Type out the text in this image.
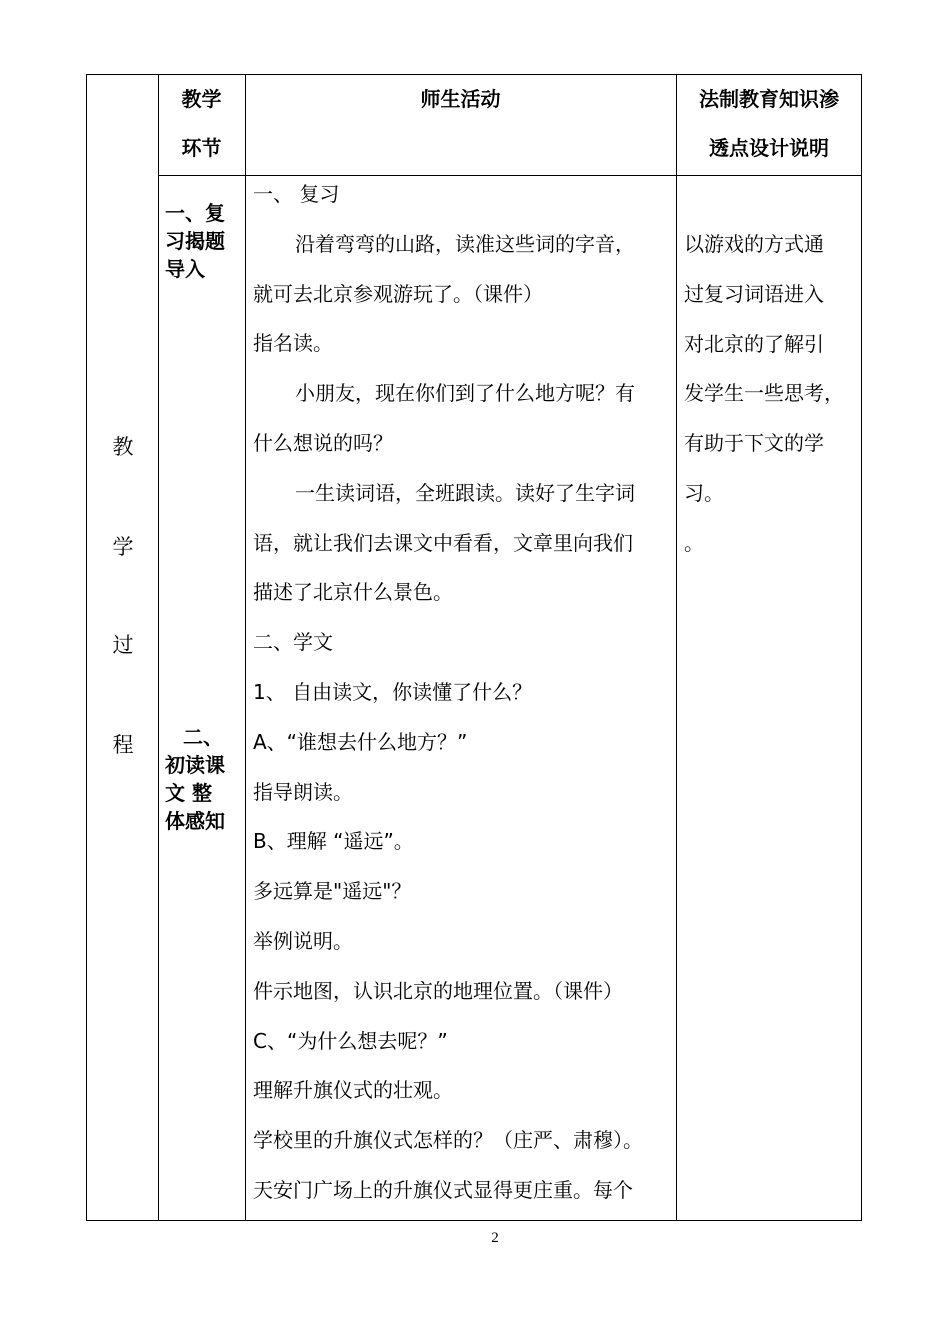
教学
环节
师生活动	法制教育知识渗
透点设计说明
教
学
过
程
一、复
习揭题
导入
二、
初读课
文 整
体感知
一、 复习
沿着弯弯的山路，读准这些词的字音，
就可去北京参观游玩了。（课件）
指名读。
小朋友，现在你们到了什么地方呢？有
什么想说的吗？
一生读词语，全班跟读。读好了生字词
语，就让我们去课文中看看，文章里向我们
描述了北京什么景色。
二、学文
1、 自由读文，你读懂了什么？
A、“谁想去什么地方？”
指导朗读。
B、理解 “遥远”。
多远算是"遥远"？
举例说明。
件示地图，认识北京的地理位置。（课件）
C、“为什么想去呢？”
理解升旗仪式的壮观。
学校里的升旗仪式怎样的？（庄严、肃穆）。
天安门广场上的升旗仪式显得更庄重。每个
以游戏的方式通
过复习词语进入
对北京的了解引
发学生一些思考，
有助于下文的学
习。
。
2
